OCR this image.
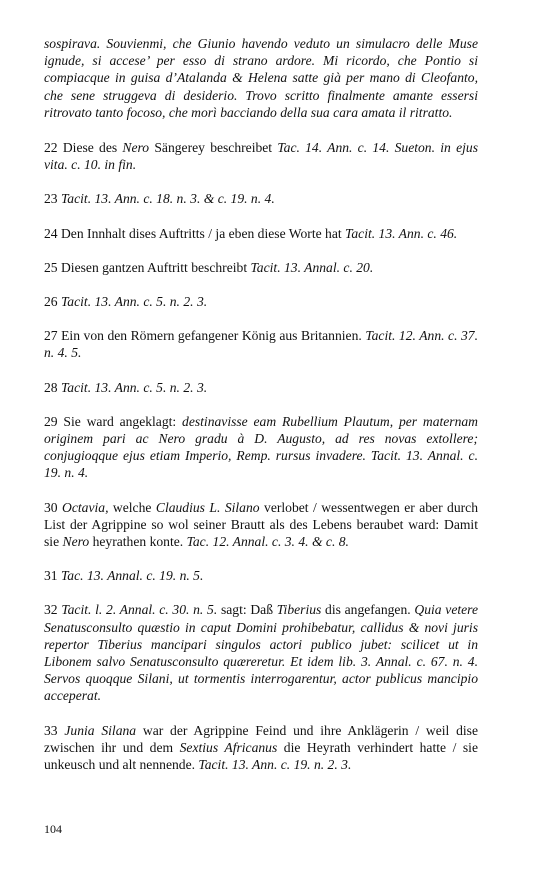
sospirava. Souvienmi, che Giunio havendo veduto un simulacro delle Muse ignude, si accese’ per esso di strano ardore. Mi ricordo, che Pontio si compiacque in guisa d’Atalanda & Helena satte già per mano di Cleofanto, che sene struggeva di desiderio. Trovo scritto finalmente amante essersi ritrovato tanto focoso, che morì bacciando della sua cara amata il ritratto.

22 Diese des Nero Sängerey beschreibet Tac. 14. Ann. c. 14. Sueton. in ejus vita. c. 10. in fin.

23 Tacit. 13. Ann. c. 18. n. 3. & c. 19. n. 4.

24 Den Innhalt dises Auftritts / ja eben diese Worte hat Tacit. 13. Ann. c. 46.

25 Diesen gantzen Auftritt beschreibt Tacit. 13. Annal. c. 20.

26 Tacit. 13. Ann. c. 5. n. 2. 3.

27 Ein von den Römern gefangener König aus Britannien. Tacit. 12. Ann. c. 37. n. 4. 5.

28 Tacit. 13. Ann. c. 5. n. 2. 3.

29 Sie ward angeklagt: destinavisse eam Rubellium Plautum, per maternam originem pari ac Nero gradu à D. Augusto, ad res novas extollere; conjugioqque ejus etiam Imperio, Remp. rursus invadere. Tacit. 13. Annal. c. 19. n. 4.

30 Octavia, welche Claudius L. Silano verlobet / wessentwegen er aber durch List der Agrippine so wol seiner Brautt als des Lebens beraubet ward: Damit sie Nero heyrathen konte. Tac. 12. Annal. c. 3. 4. & c. 8.

31 Tac. 13. Annal. c. 19. n. 5.

32 Tacit. l. 2. Annal. c. 30. n. 5. sagt: Daß Tiberius dis angefangen. Quia vetere Senatusconsulto quæstio in caput Domini prohibebatur, callidus & novi juris repertor Tiberius mancipari singulos actori publico jubet: scilicet ut in Libonem salvo Senatusconsulto quæreretur. Et idem lib. 3. Annal. c. 67. n. 4. Servos quoqque Silani, ut tormentis interrogarentur, actor publicus mancipio acceperat.

33 Junia Silana war der Agrippine Feind und ihre Anklägerin / weil dise zwischen ihr und dem Sextius Africanus die Heyrath verhindert hatte / sie unkeusch und alt nennende. Tacit. 13. Ann. c. 19. n. 2. 3.

104
